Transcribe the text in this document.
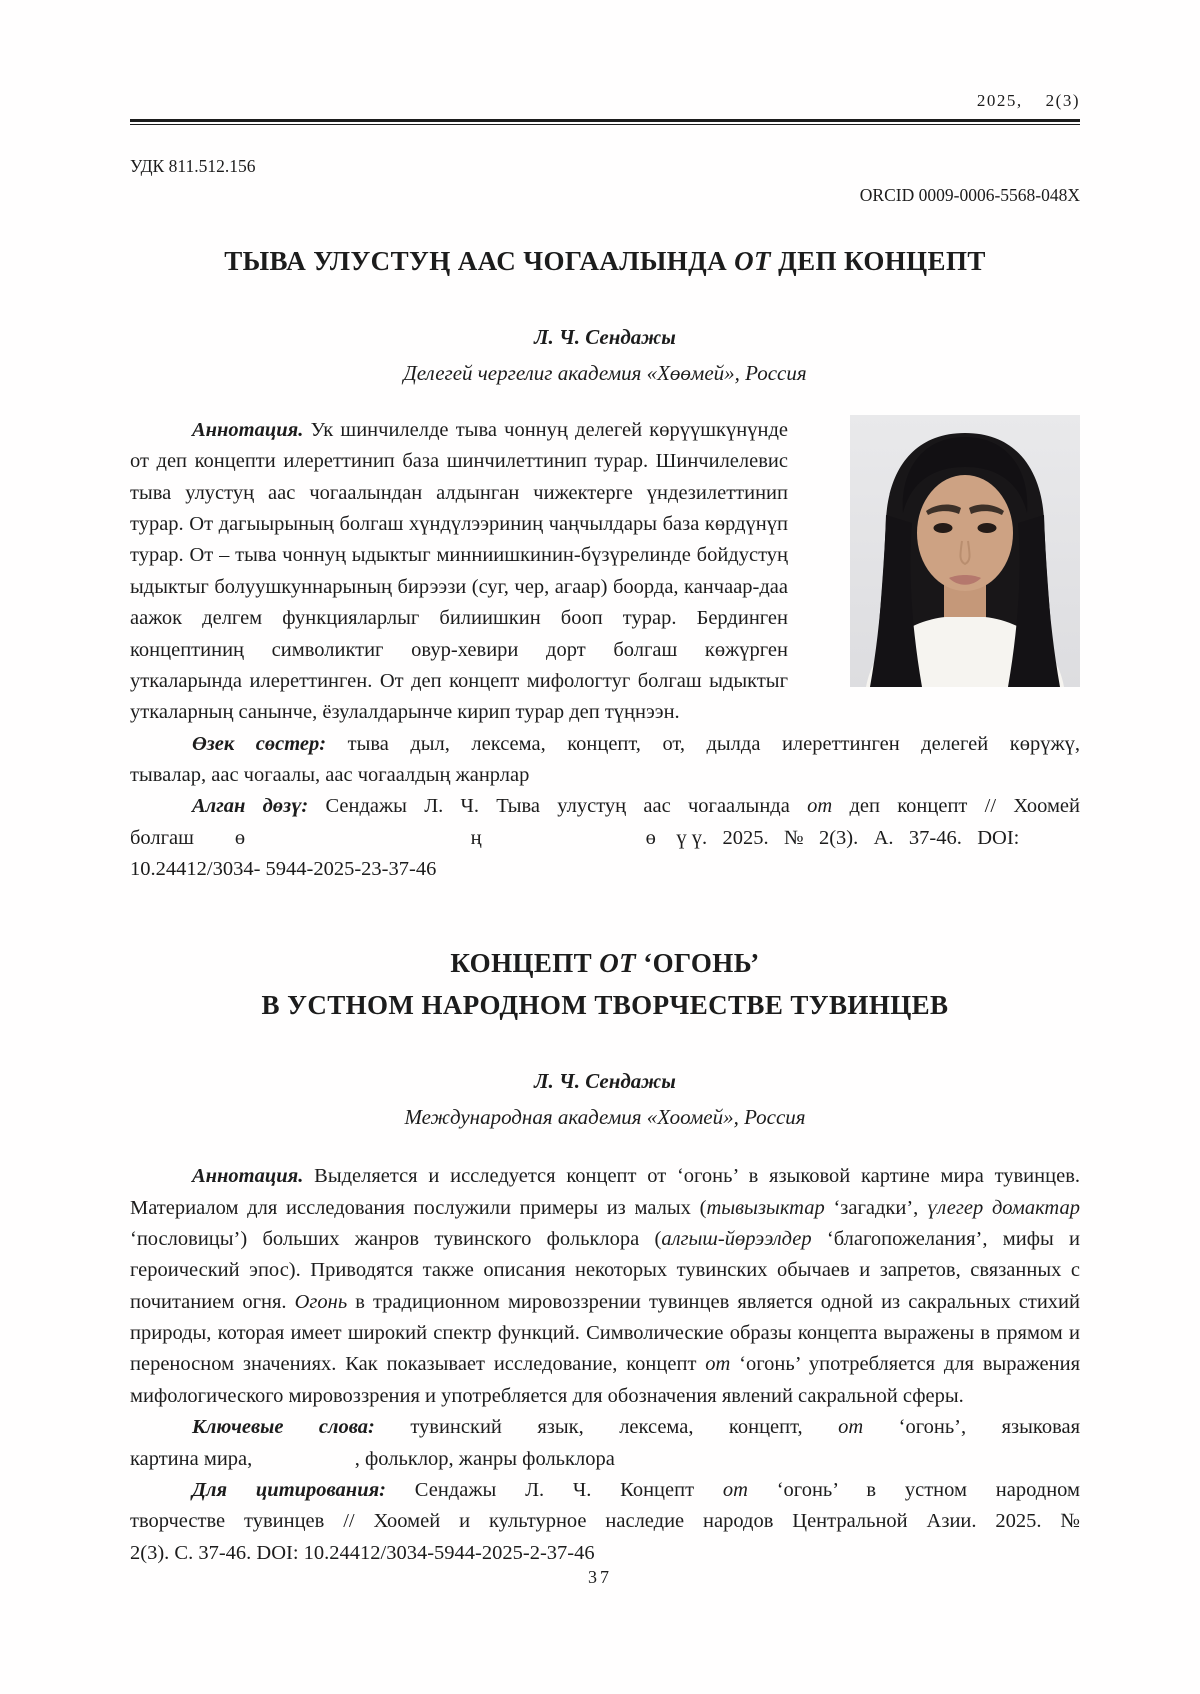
2025,    2(3)
УДК 811.512.156
ORCID 0009-0006-5568-048X
ТЫВА УЛУСТУҢ ААС ЧОГААЛЫНДА ОТ ДЕП КОНЦЕПТ
Л. Ч. Сендажы
Делегей чергелиг академия «Хөөмей», Россия
Аннотация. Ук шинчилелде тыва чоннуң делегей көрүүшкүнүнде от деп концепти илереттинип база шинчилеттинип турар. Шинчилелевис тыва улустуң аас чогаалындан алдынган чижектерге үндезилеттинип турар. От дагыырының болгаш хүндүлээриниң чаңчылдары база көрдүнүп турар. От – тыва чоннуң ыдыктыг минниишкинин-бүзүрелинде бойдустуң ыдыктыг болуушкуннарының бирээзи (суг, чер, агаар) боорда, канчаар-даа аажок делгем функцияларлыг билиишкин бооп турар. Бердинген концептиниң символиктиг овур-хевири дорт болгаш көжүрген уткаларында илереттинген. От деп концепт мифологтуг болгаш ыдыктыг уткаларның санынче, ёзулалдарынче кирип турар деп түңнээн.
Өзек сөстер: тыва дыл, лексема, концепт, от, дылда илереттинген делегей көрүжү,
тывалар, аас чогаалы, аас чогаалдың жанрлар
Алган дөзү: Сендажы Л. Ч. Тыва улустуң аас чогаалында от деп концепт // Хоомей
болгаш        ө                                            ң                                ө    ү ү.   2025.   №   2(3).   А.   37-46.   DOI:
10.24412/3034- 5944-2025-23-37-46
КОНЦЕПТ ОТ ‘ОГОНЬ’
В УСТНОМ НАРОДНОМ ТВОРЧЕСТВЕ ТУВИНЦЕВ
Л. Ч. Сендажы
Международная академия «Хоомей», Россия
Аннотация. Выделяется и исследуется концепт от ‘огонь’ в языковой картине мира тувинцев. Материалом для исследования послужили примеры из малых (тывызыктар ‘загадки’, үлегер домактар ‘пословицы’) больших жанров тувинского фольклора (алгыш-йөрээлдер ‘благопожелания’, мифы и героический эпос). Приводятся также описания некоторых тувинских обычаев и запретов, связанных с почитанием огня. Огонь в традиционном мировоззрении тувинцев является одной из сакральных стихий природы, которая имеет широкий спектр функций. Символические образы концепта выражены в прямом и переносном значениях. Как показывает исследование, концепт от ‘огонь’ употребляется для выражения мифологического мировоззрения и употребляется для обозначения явлений сакральной сферы.
Ключевые слова: тувинский язык, лексема, концепт, от ‘огонь’, языковая
картина мира,                    , фольклор, жанры фольклора
Для цитирования: Сендажы Л. Ч. Концепт от ‘огонь’ в устном народном
творчестве тувинцев // Хоомей и культурное наследие народов Центральной Азии. 2025. №
2(3). С. 37-46. DOI: 10.24412/3034-5944-2025-2-37-46
37
